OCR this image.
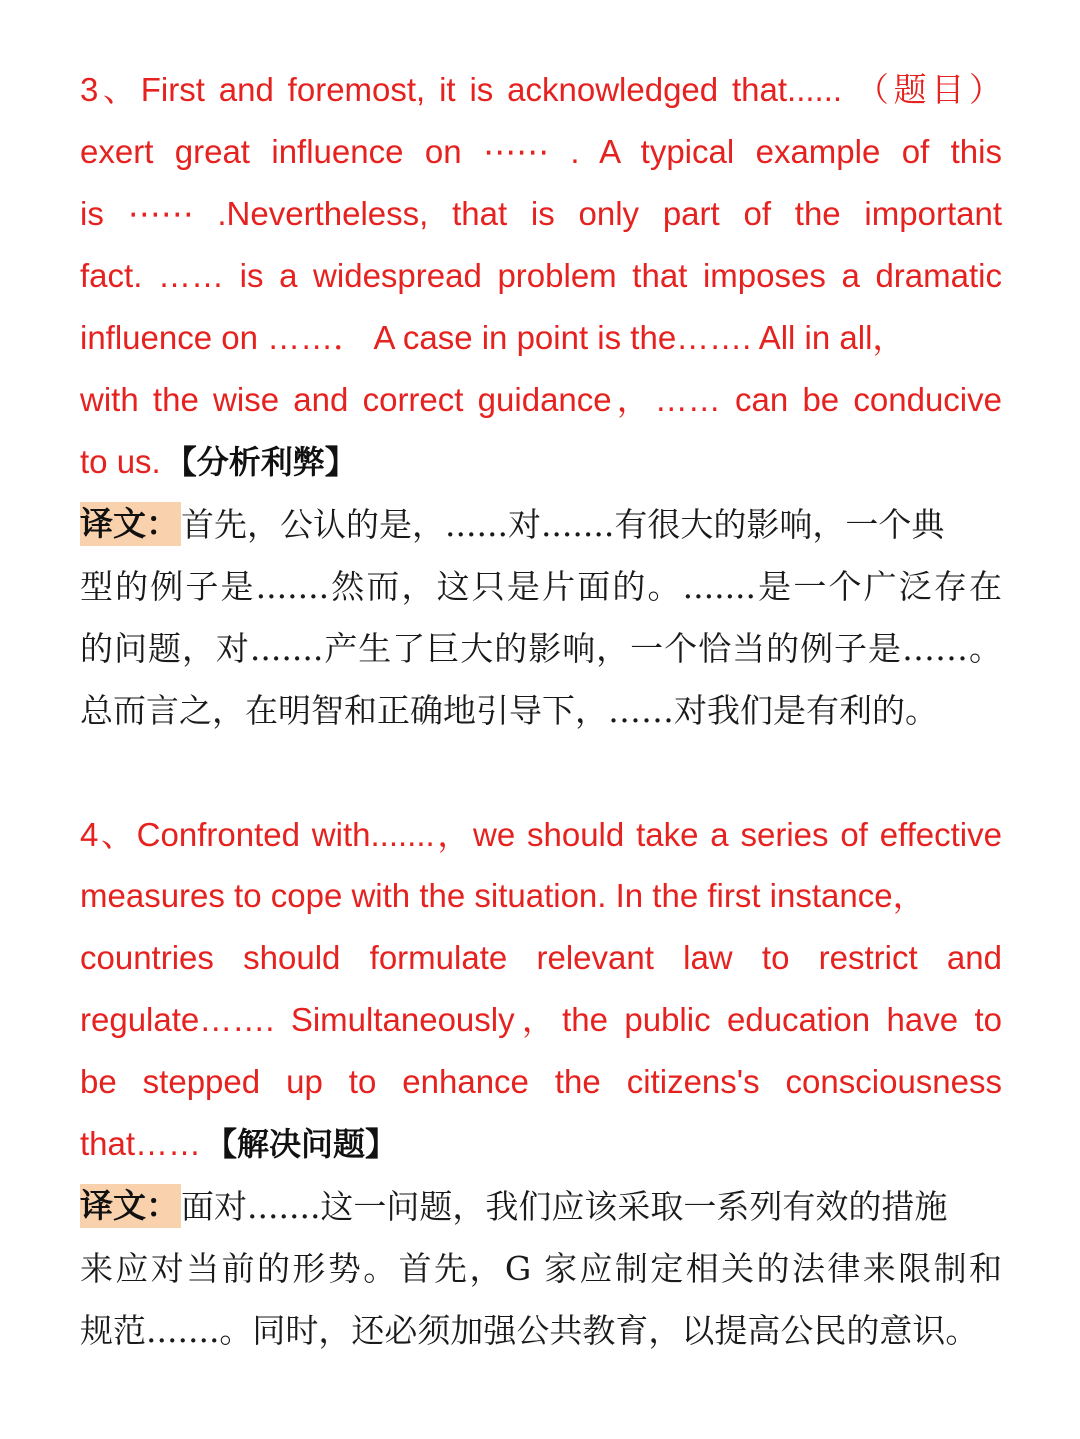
3、First and foremost, it is acknowledged that...... （题目）
exert great influence on ⋯⋯ . A typical example of this
is ⋯⋯ .Nevertheless, that is only part of the important
fact. …… is a widespread problem that imposes a dramatic
influence on ……． A case in point is the……. All in all，
with the wise and correct guidance，…… can be conducive
to us. 【分析利弊】
译文：首先，公认的是，......对.......有很大的影响，一个典
型的例子是.......然而，这只是片面的。.......是一个广泛存在
的问题，对.......产生了巨大的影响，一个恰当的例子是……。
总而言之，在明智和正确地引导下，……对我们是有利的。
4、Confronted with.......，we should take a series of effective
measures to cope with the situation. In the first instance，
countries should formulate relevant law to restrict and
regulate……. Simultaneously，the public education have to
be stepped up to enhance the citizens's consciousness
that…… 【解决问题】
译文：面对.......这一问题，我们应该采取一系列有效的措施
来应对当前的形势。首先，G 家应制定相关的法律来限制和
规范.......。同时，还必须加强公共教育，以提高公民的意识。
